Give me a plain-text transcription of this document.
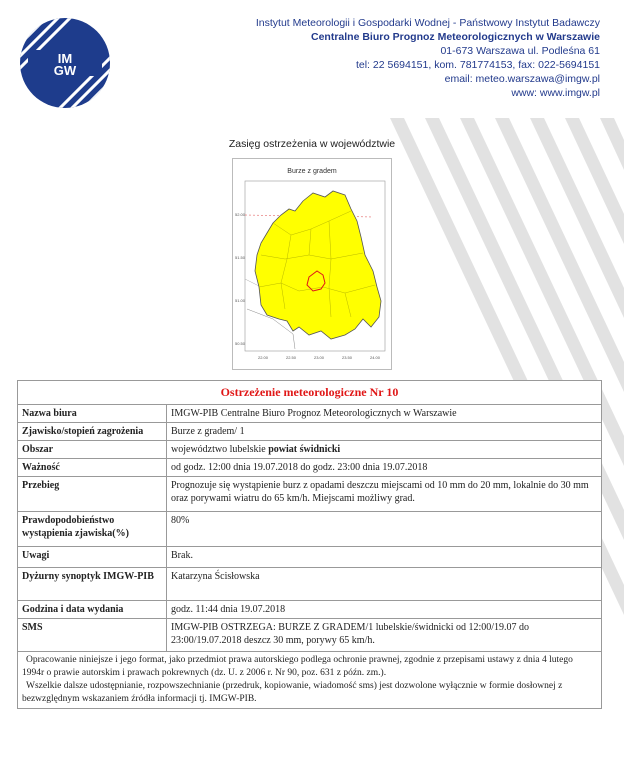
IM
GW
Instytut Meteorologii i Gospodarki Wodnej - Państwowy Instytut Badawczy
Centralne Biuro Prognoz Meteorologicznych w Warszawie
01-673 Warszawa ul. Podleśna 61
tel: 22 5694151, kom. 781774153, fax: 022-5694151
email: meteo.warszawa@imgw.pl
www: www.imgw.pl
Zasięg ostrzeżenia w województwie
52.00
51.50
51.00
50.50
22.00	22.50	23.00	23.50	24.00
Burze z gradem
Ostrzeżenie meteorologiczne Nr 10	
Nazwa biura	IMGW-PIB Centralne Biuro Prognoz Meteorologicznych w Warszawie
Zjawisko/stopień zagrożenia	Burze z gradem/ 1
Obszar	województwo lubelskie powiat świdnicki
Ważność	od godz. 12:00 dnia 19.07.2018 do godz. 23:00 dnia 19.07.2018
Przebieg	Prognozuje się wystąpienie burz z opadami deszczu miejscami od 10 mm do 20 mm, lokalnie do 30 mm oraz porywami wiatru do 65 km/h. Miejscami możliwy grad.
Prawdopodobieństwo wystąpienia zjawiska(%)	80%
Uwagi	Brak.
Dyżurny synoptyk IMGW-PIB	Katarzyna Ścisłowska
Godzina i data wydania	godz. 11:44 dnia 19.07.2018
SMS	IMGW-PIB OSTRZEGA: BURZE Z GRADEM/1 lubelskie/świdnicki od 12:00/19.07 do 23:00/19.07.2018 deszcz 30 mm, porywy 65 km/h.

Opracowanie niniejsze i jego format, jako przedmiot prawa autorskiego podlega ochronie prawnej, zgodnie z przepisami ustawy z dnia 4 lutego 1994r o prawie autorskim i prawach pokrewnych (dz. U. z 2006 r. Nr 90, poz. 631 z późn. zm.).
Wszelkie dalsze udostępnianie, rozpowszechnianie (przedruk, kopiowanie, wiadomość sms) jest dozwolone wyłącznie w formie dosłownej z bezwzględnym wskazaniem źródła informacji tj. IMGW-PIB.	
